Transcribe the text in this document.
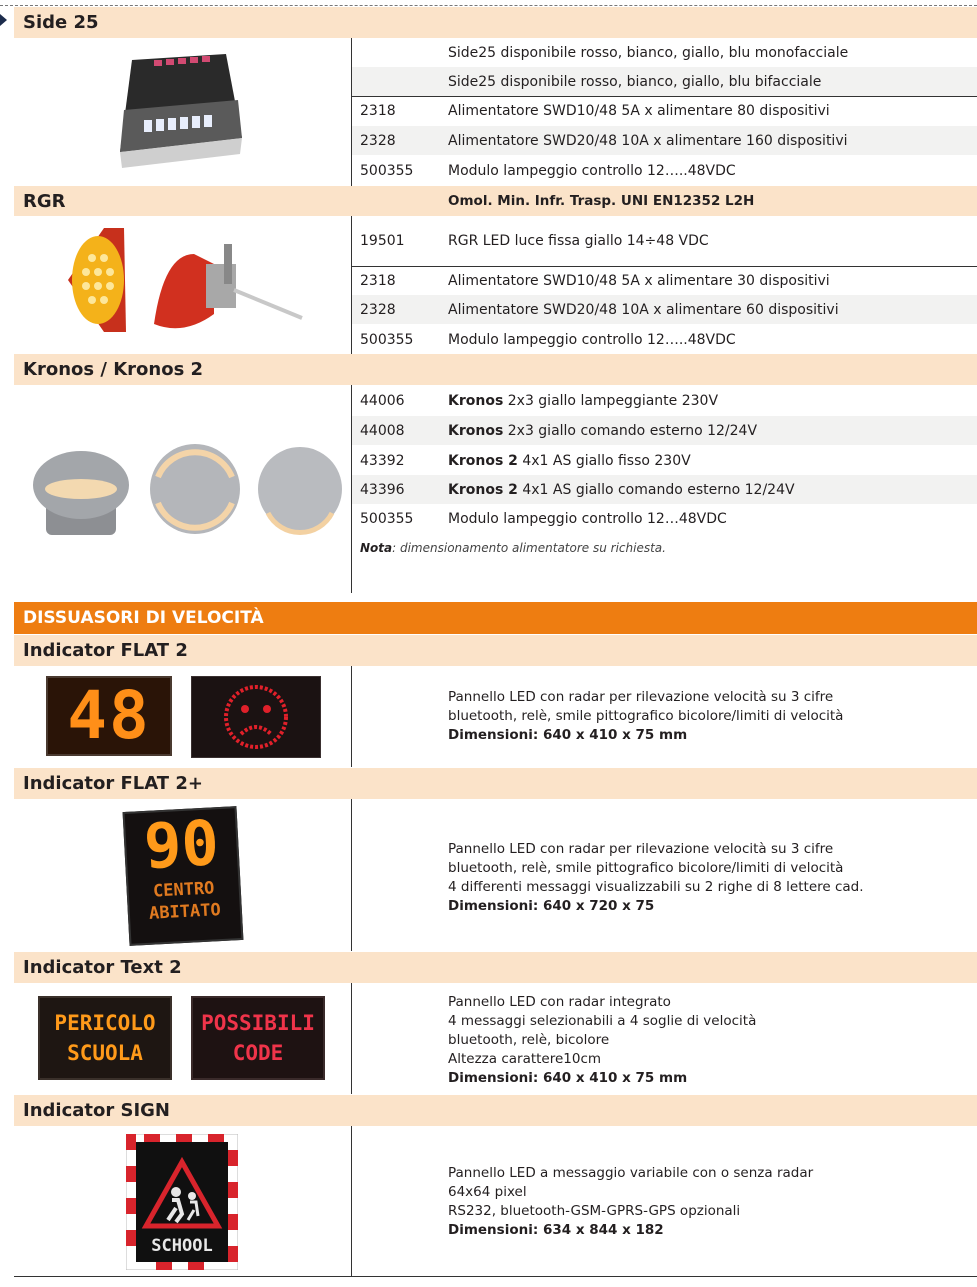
Side 25
Side25 disponibile rosso, bianco, giallo, blu monofacciale
Side25 disponibile rosso, bianco, giallo, blu bifacciale
2318	Alimentatore SWD10/48 5A x alimentare 80 dispositivi
2328	Alimentatore SWD20/48 10A x alimentare 160 dispositivi
500355 Modulo lampeggio controllo 12…..48VDC
RGR	Omol. Min. Infr. Trasp. UNI EN12352 L2H
19501	RGR LED luce fissa giallo 14÷48 VDC
2318	Alimentatore SWD10/48 5A x alimentare 30 dispositivi
2328	Alimentatore SWD20/48 10A x alimentare 60 dispositivi
500355 Modulo lampeggio controllo 12…..48VDC
Kronos / Kronos 2
44006	Kronos 2x3 giallo lampeggiante 230V
44008	Kronos 2x3 giallo comando esterno 12/24V
43392	Kronos 2 4x1 AS giallo fisso 230V
43396	Kronos 2 4x1 AS giallo comando esterno 12/24V
500355 Modulo lampeggio controllo 12…48VDC
Nota: dimensionamento alimentatore su richiesta.
DISSUASORI DI VELOCITÀ
Indicator FLAT 2
48	Pannello LED con radar per rilevazione velocità su 3 cifre
bluetooth, relè, smile pittografico bicolore/limiti di velocità
Dimensioni: 640 x 410 x 75 mm
Indicator FLAT 2+
90
CENTRO
ABITATO
Pannello LED con radar per rilevazione velocità su 3 cifre
bluetooth, relè, smile pittografico bicolore/limiti di velocità
4 differenti messaggi visualizzabili su 2 righe di 8 lettere cad.
Dimensioni: 640 x 720 x 75
Indicator Text 2
PERICOLO
SCUOLA
POSSIBILI
CODE
Pannello LED con radar integrato
4 messaggi selezionabili a 4 soglie di velocità
bluetooth, relè, bicolore
Altezza carattere10cm
Dimensioni: 640 x 410 x 75 mm
Indicator SIGN
SCHOOL
Pannello LED a messaggio variabile con o senza radar
64x64 pixel
RS232, bluetooth-GSM-GPRS-GPS opzionali
Dimensioni: 634 x 844 x 182
